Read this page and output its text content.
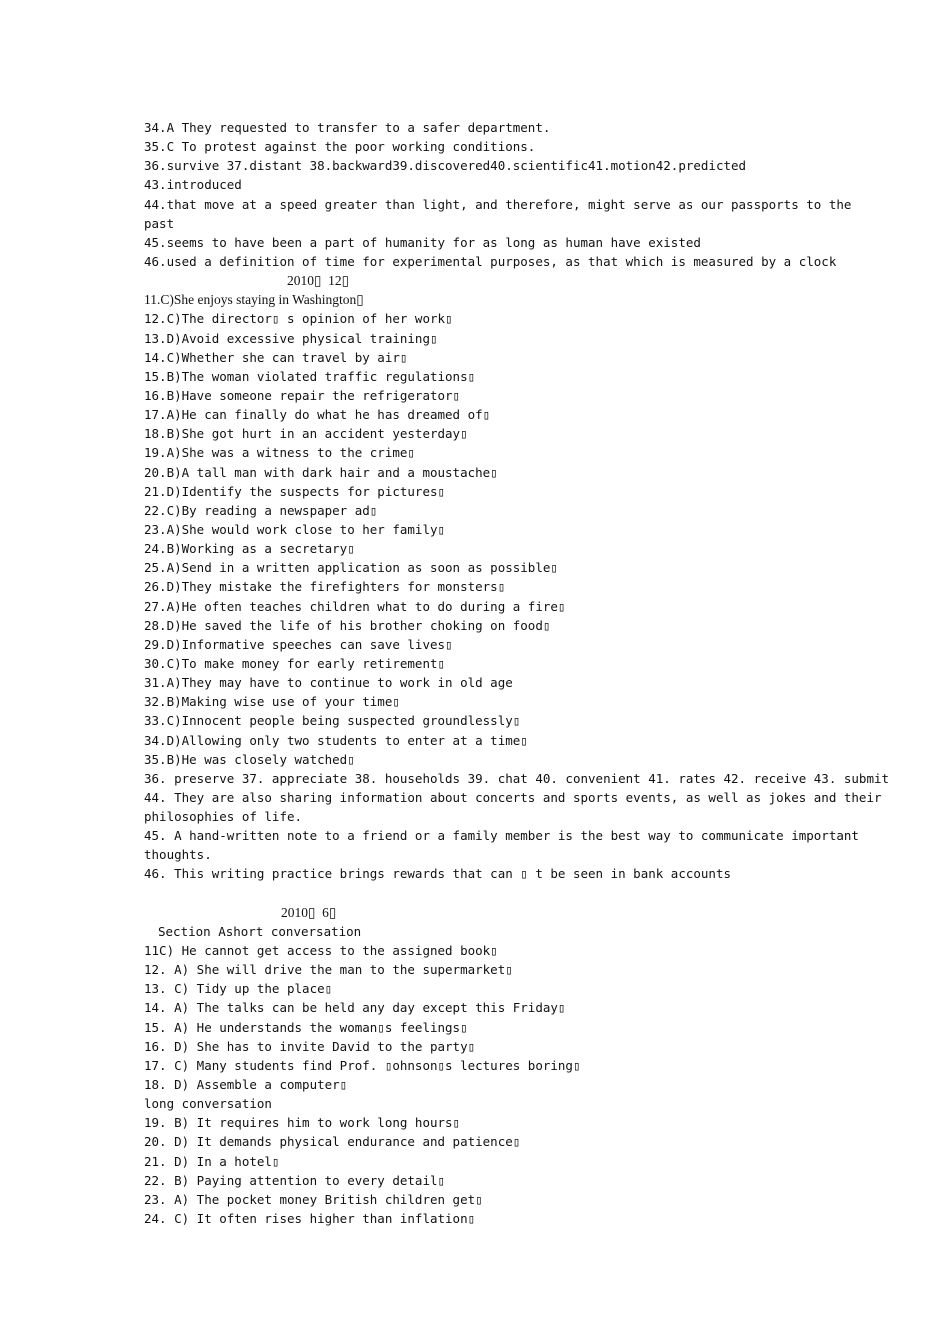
34.A They requested to transfer to a safer department.
35.C To protest against the poor working conditions.
36.survive 37.distant 38.backward39.discovered40.scientific41.motion42.predicted
43.introduced
44.that move at a speed greater than light, and therefore, might serve as our passports to the
past
45.seems to have been a part of humanity for as long as human have existed
46.used a definition of time for experimental purposes, as that which is measured by a clock
2010▯  12▯
11.C)She enjoys staying in Washington▯
12.C)The director▯ s opinion of her work▯
13.D)Avoid excessive physical training▯
14.C)Whether she can travel by air▯
15.B)The woman violated traffic regulations▯
16.B)Have someone repair the refrigerator▯
17.A)He can finally do what he has dreamed of▯
18.B)She got hurt in an accident yesterday▯
19.A)She was a witness to the crime▯
20.B)A tall man with dark hair and a moustache▯
21.D)Identify the suspects for pictures▯
22.C)By reading a newspaper ad▯
23.A)She would work close to her family▯
24.B)Working as a secretary▯
25.A)Send in a written application as soon as possible▯
26.D)They mistake the firefighters for monsters▯
27.A)He often teaches children what to do during a fire▯
28.D)He saved the life of his brother choking on food▯
29.D)Informative speeches can save lives▯
30.C)To make money for early retirement▯
31.A)They may have to continue to work in old age
32.B)Making wise use of your time▯
33.C)Innocent people being suspected groundlessly▯
34.D)Allowing only two students to enter at a time▯
35.B)He was closely watched▯
36. preserve 37. appreciate 38. households 39. chat 40. convenient 41. rates 42. receive 43. submit
44. They are also sharing information about concerts and sports events, as well as jokes and their
philosophies of life.
45. A hand-written note to a friend or a family member is the best way to communicate important
thoughts.
46. This writing practice brings rewards that can ▯ t be seen in bank accounts
2010▯  6▯
Section Ashort conversation
11C) He cannot get access to the assigned book▯
12. A) She will drive the man to the supermarket▯
13. C) Tidy up the place▯
14. A) The talks can be held any day except this Friday▯
15. A) He understands the woman▯s feelings▯
16. D) She has to invite David to the party▯
17. C) Many students find Prof. ▯ohnson▯s lectures boring▯
18. D) Assemble a computer▯
long conversation
19. B) It requires him to work long hours▯
20. D) It demands physical endurance and patience▯
21. D) In a hotel▯
22. B) Paying attention to every detail▯
23. A) The pocket money British children get▯
24. C) It often rises higher than inflation▯
